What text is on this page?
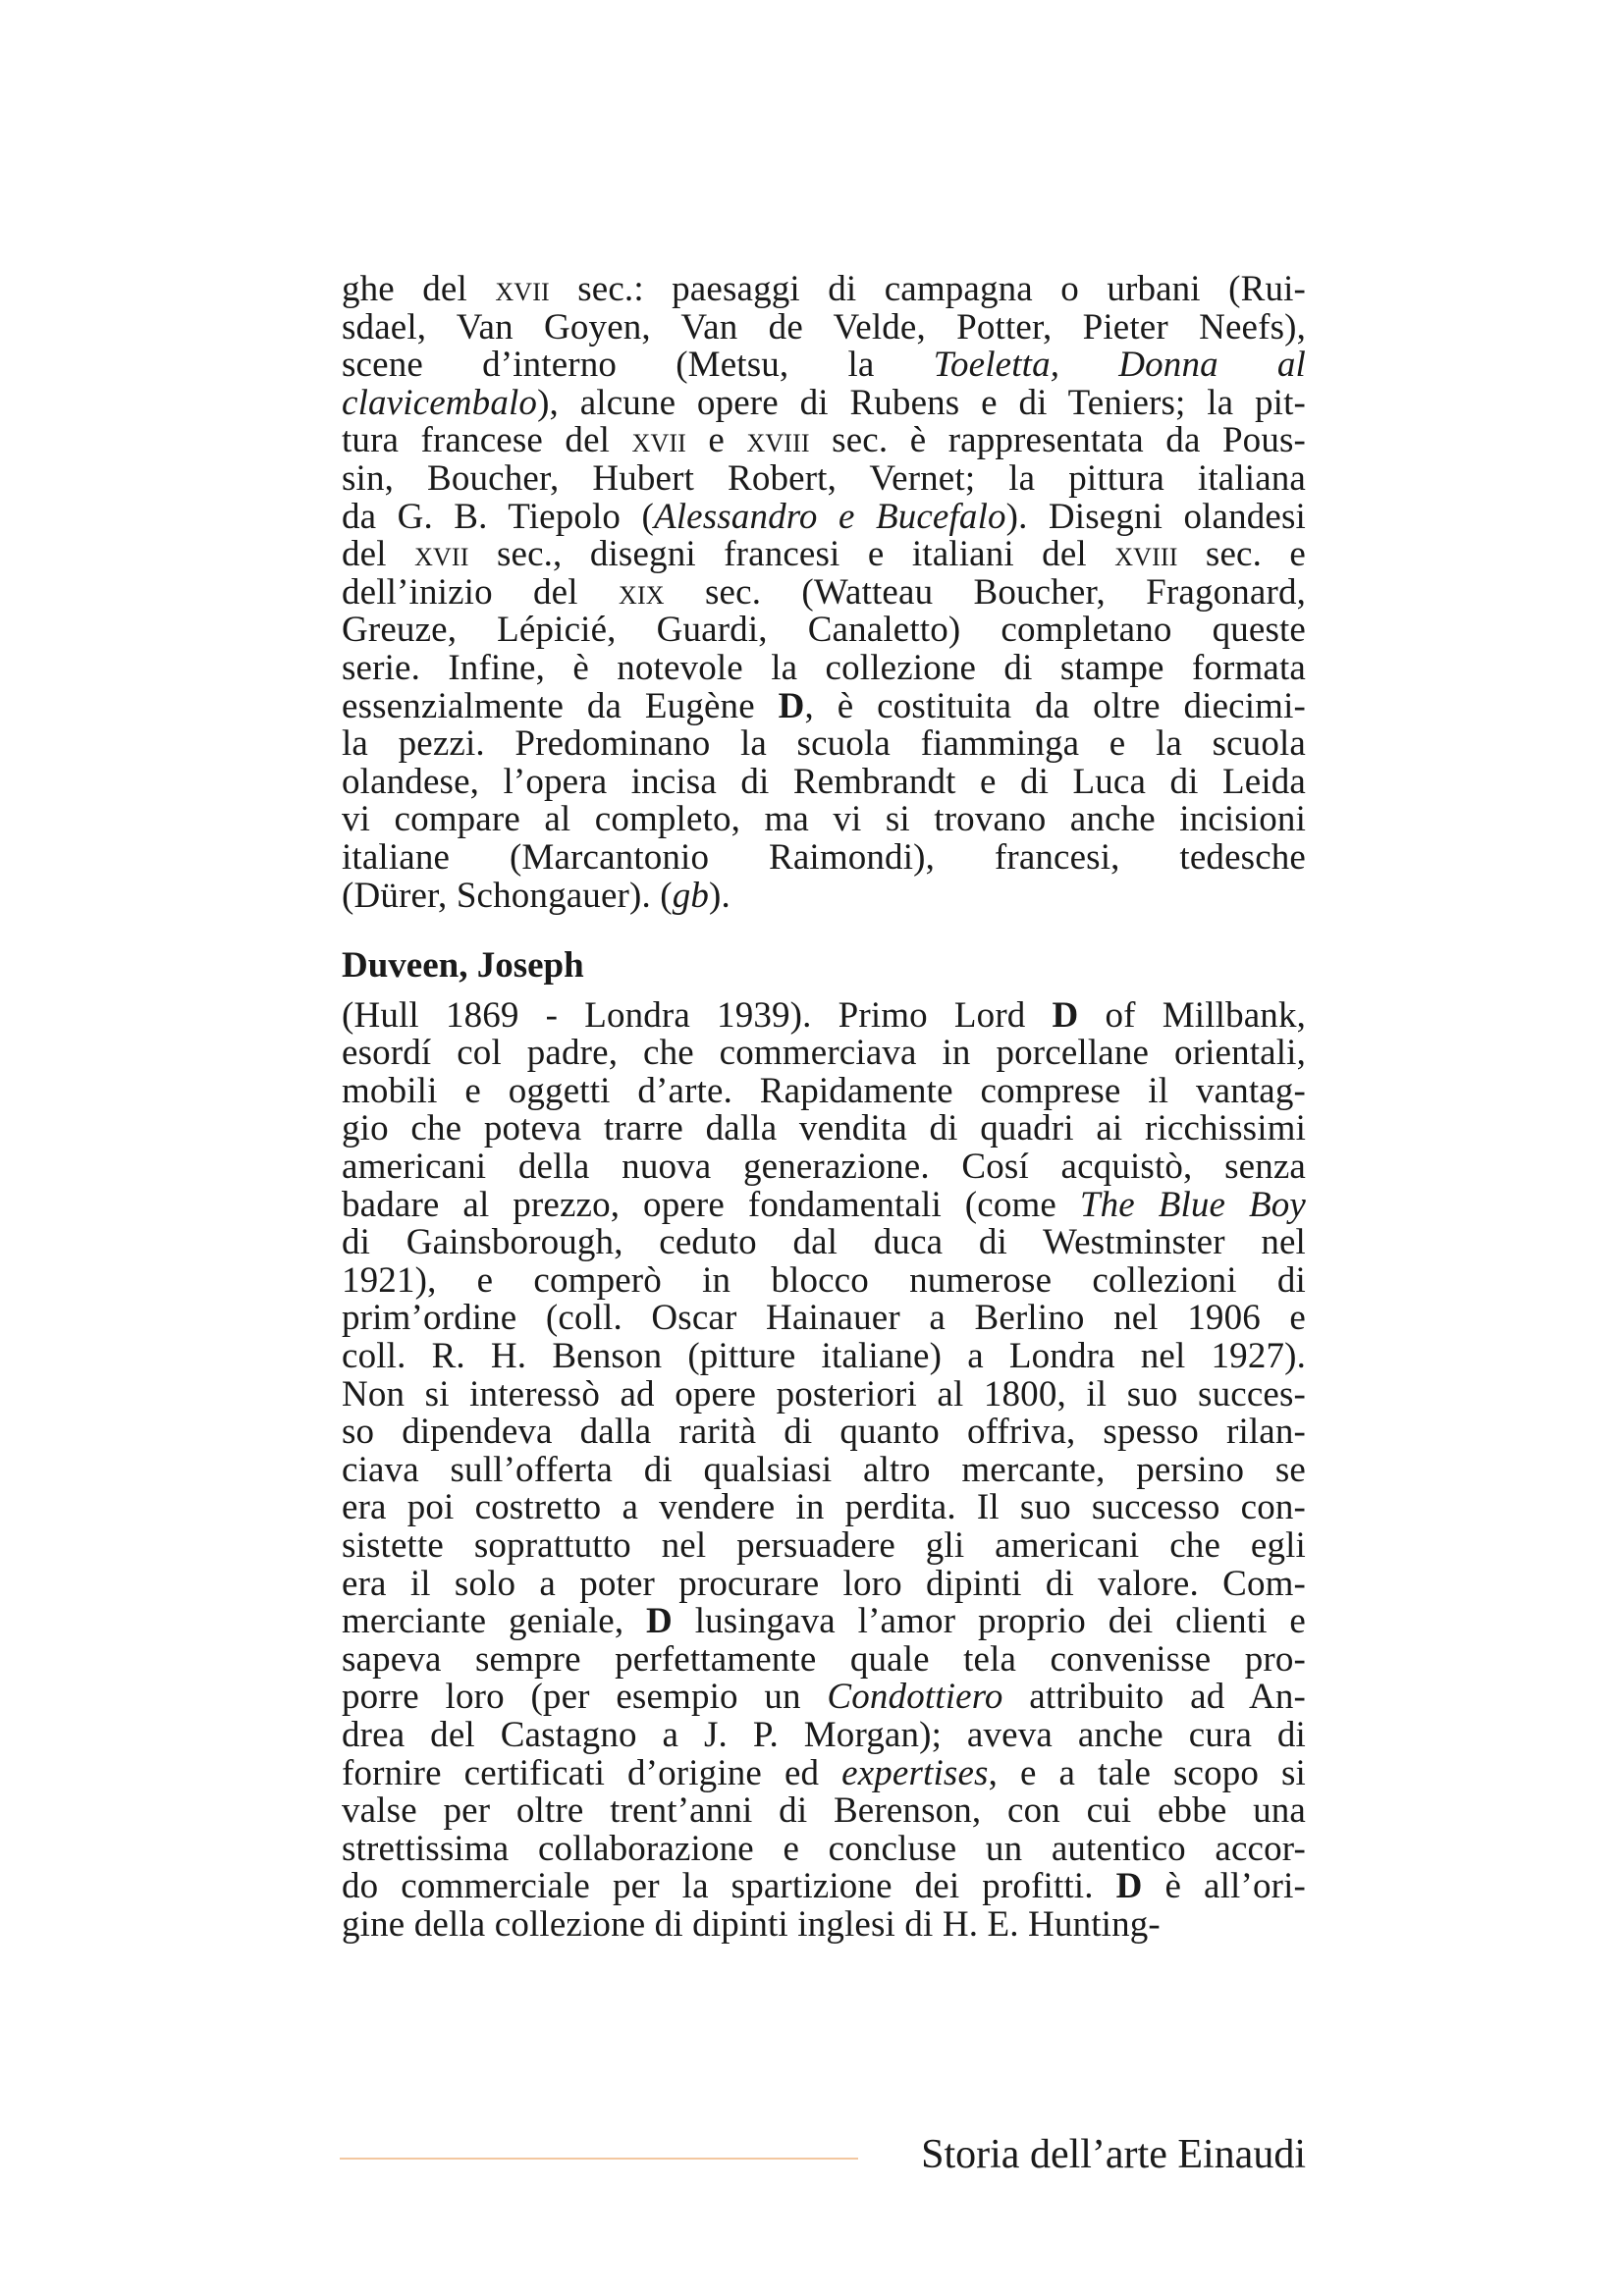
ghe del xvii sec.: paesaggi di campagna o urbani (Rui-
sdael, Van Goyen, Van de Velde, Potter, Pieter Neefs),
scene d’interno (Metsu, la Toeletta, Donna al
clavicembalo), alcune opere di Rubens e di Teniers; la pit-
tura francese del xvii e xviii sec. è rappresentata da Pous-
sin, Boucher, Hubert Robert, Vernet; la pittura italiana
da G. B. Tiepolo (Alessandro e Bucefalo). Disegni olandesi
del xvii sec., disegni francesi e italiani del xviii sec. e
dell’inizio del xix sec. (Watteau Boucher, Fragonard,
Greuze, Lépicié, Guardi, Canaletto) completano queste
serie. Infine, è notevole la collezione di stampe formata
essenzialmente da Eugène D, è costituita da oltre diecimi-
la pezzi. Predominano la scuola fiamminga e la scuola
olandese, l’opera incisa di Rembrandt e di Luca di Leida
vi compare al completo, ma vi si trovano anche incisioni
italiane (Marcantonio Raimondi), francesi, tedesche
(Dürer, Schongauer). (gb).
Duveen, Joseph
(Hull 1869 - Londra 1939). Primo Lord D of Millbank,
esordí col padre, che commerciava in porcellane orientali,
mobili e oggetti d’arte. Rapidamente comprese il vantag-
gio che poteva trarre dalla vendita di quadri ai ricchissimi
americani della nuova generazione. Cosí acquistò, senza
badare al prezzo, opere fondamentali (come The Blue Boy
di Gainsborough, ceduto dal duca di Westminster nel
1921), e comperò in blocco numerose collezioni di
prim’ordine (coll. Oscar Hainauer a Berlino nel 1906 e
coll. R. H. Benson (pitture italiane) a Londra nel 1927).
Non si interessò ad opere posteriori al 1800, il suo succes-
so dipendeva dalla rarità di quanto offriva, spesso rilan-
ciava sull’offerta di qualsiasi altro mercante, persino se
era poi costretto a vendere in perdita. Il suo successo con-
sistette soprattutto nel persuadere gli americani che egli
era il solo a poter procurare loro dipinti di valore. Com-
merciante geniale, D lusingava l’amor proprio dei clienti e
sapeva sempre perfettamente quale tela convenisse pro-
porre loro (per esempio un Condottiero attribuito ad An-
drea del Castagno a J. P. Morgan); aveva anche cura di
fornire certificati d’origine ed expertises, e a tale scopo si
valse per oltre trent’anni di Berenson, con cui ebbe una
strettissima collaborazione e concluse un autentico accor-
do commerciale per la spartizione dei profitti. D è all’ori-
gine della collezione di dipinti inglesi di H. E. Hunting-
Storia dell’arte Einaudi
